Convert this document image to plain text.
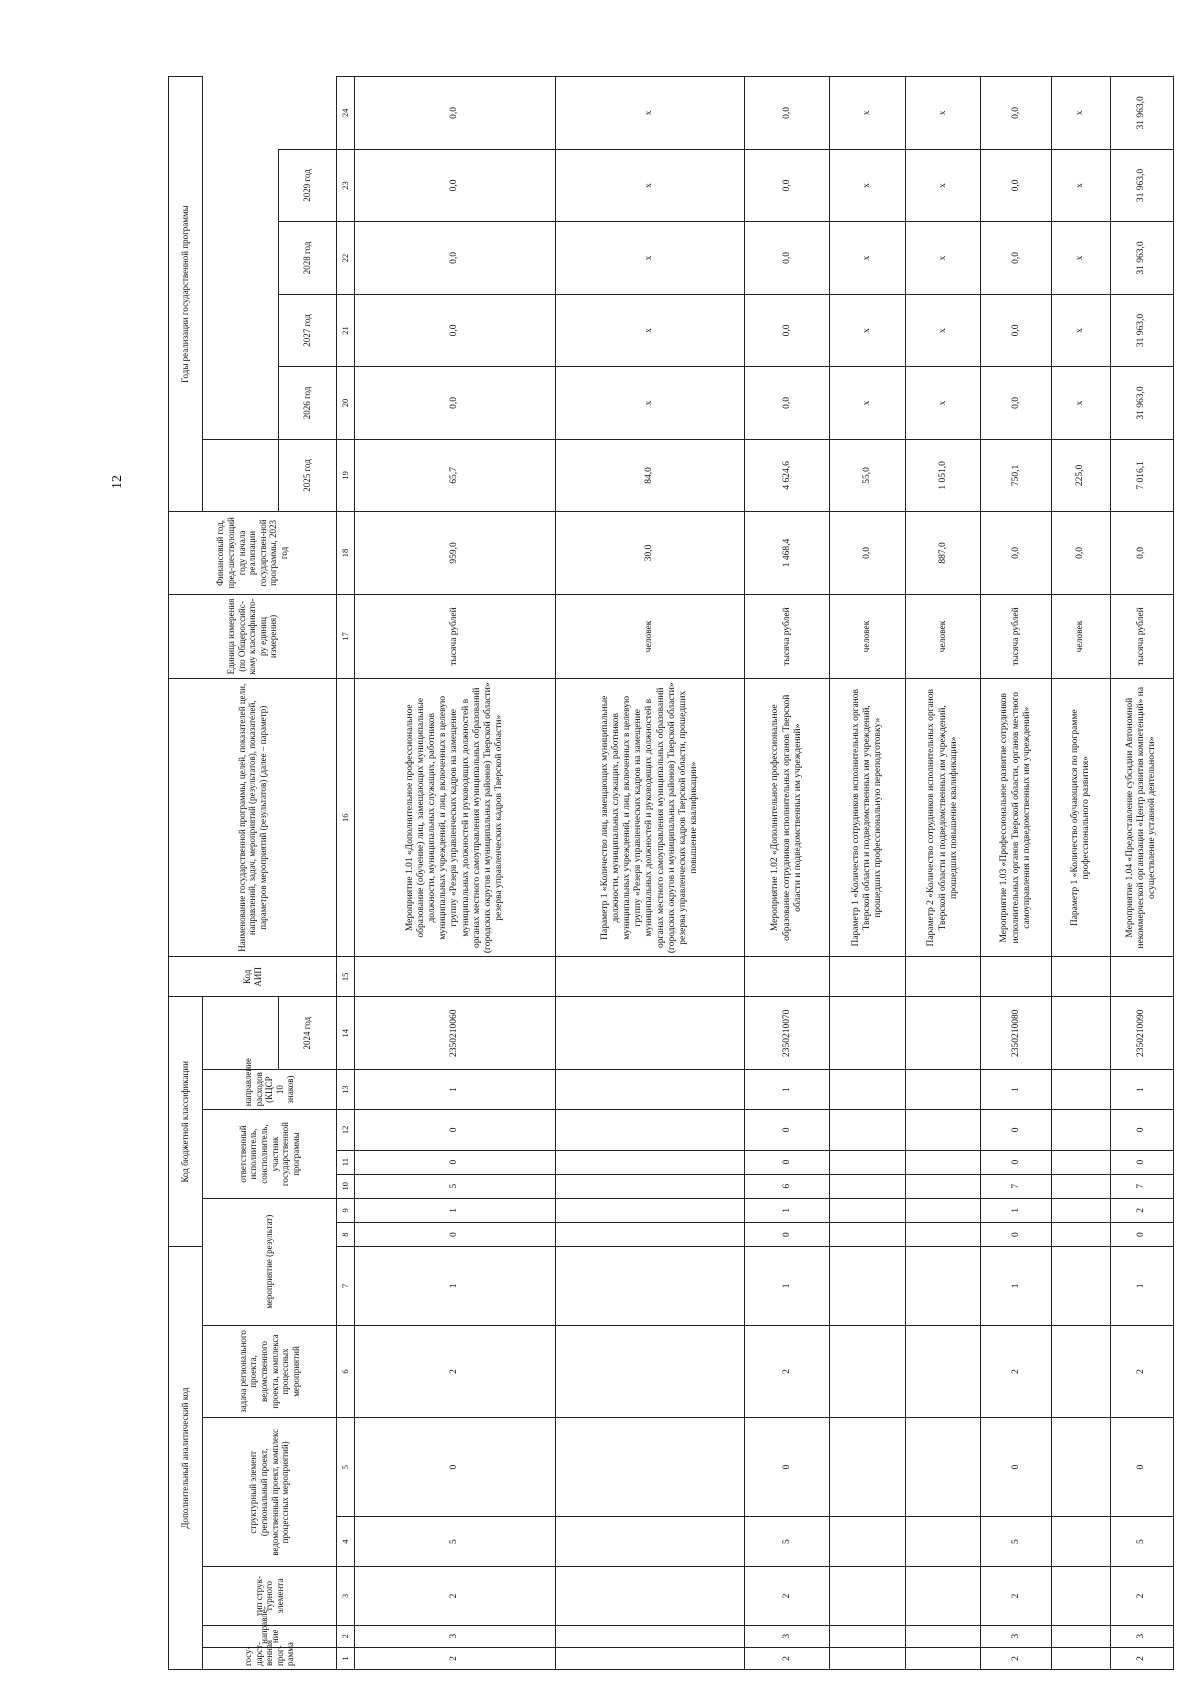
12
Дополнительный аналитический код							Код бюджетной классификации							Код АИП	Наименование государственной программы, целей, показателей цели, направлений, задач, мероприятий (результатов), показателей, параметров мероприятий (результатов) (далее – параметр)	Единица измерения (по Общероссийс-кому классификато-ру единиц измерения)	Финансовый год, пред-шествующий году начала реализации государствен-ной программы, 2023 год	Годы реализации государственной программы					
госу-дарст-венная прог-рамма	направле-ние	тип струк-турного элемента	структурный элемент (региональный проект, ведомственный проект, комплекс процессных мероприятий)		задача регионального проекта, ведомственного проекта, комплекса процессных мероприятий	мероприятие (результат)			ответственный исполнитель, соисполнитель, участник государственной программы			направление расходов (КЦСР 10 знаков)											
													2024 год					2025 год	2026 год	2027 год	2028 год	2029 год	
1	2	3	4	5	6	7	8	9	10	11	12	13	14	15	16	17	18	19	20	21	22	23	24
2	3	2	5	0	2	1	0	1	5	0	0	1	2350210060		Мероприятие 1.01 «Дополнительное профессиональное образование (обучение) лиц, замещающих муниципальные должности, муниципальных служащих, работников муниципальных учреждений, и лиц, включенных в целевую группу «Резерв управленческих кадров на замещение муниципальных должностей и руководящих должностей в органах местного самоуправления муниципальных образований (городских округов и муниципальных районов) Тверской области» резерва управленческих кадров Тверской области»	тысяча рублей	959,0	65,7	0,0	0,0	0,0	0,0	0,0
															Параметр 1 «Количество лиц, замещающих муниципальные должности, муниципальных служащих, работников муниципальных учреждений, и лиц, включенных в целевую группу «Резерв управленческих кадров на замещение муниципальных должностей и руководящих должностей в органах местного самоуправления муниципальных образований (городских округов и муниципальных районов) Тверской области» резерва управленческих кадров Тверской области, прошедших повышение квалификации»	человек	30,0	84,0	x	x	x	x	x
2	3	2	5	0	2	1	0	1	6	0	0	1	2350210070		Мероприятие 1.02 «Дополнительное профессиональное образование сотрудников исполнительных органов Тверской области и подведомственных им учреждений»	тысяча рублей	1 468,4	4 624,6	0,0	0,0	0,0	0,0	0,0
															Параметр 1 «Количество сотрудников исполнительных органов Тверской области и подведомственных им учреждений, прошедших профессиональную переподготовку»	человек	0,0	55,0	x	x	x	x	x
															Параметр 2 «Количество сотрудников исполнительных органов Тверской области и подведомственных им учреждений, прошедших повышение квалификации»	человек	887,0	1 051,0	x	x	x	x	x
2	3	2	5	0	2	1	0	1	7	0	0	1	2350210080		Мероприятие 1.03 «Профессиональное развитие сотрудников исполнительных органов Тверской области, органов местного самоуправления и подведомственных им учреждений»	тысяча рублей	0,0	750,1	0,0	0,0	0,0	0,0	0,0
															Параметр 1 «Количество обучающихся по программе профессионального развития»	человек	0,0	225,0	x	x	x	x	x
2	3	2	5	0	2	1	0	2	7	0	0	1	2350210090		Мероприятие 1.04 «Предоставление субсидии Автономной некоммерческой организации «Центр развития компетенций» на осуществление уставной деятельности»	тысяча рублей	0,0	7 016,1	31 963,0	31 963,0	31 963,0	31 963,0	31 963,0
